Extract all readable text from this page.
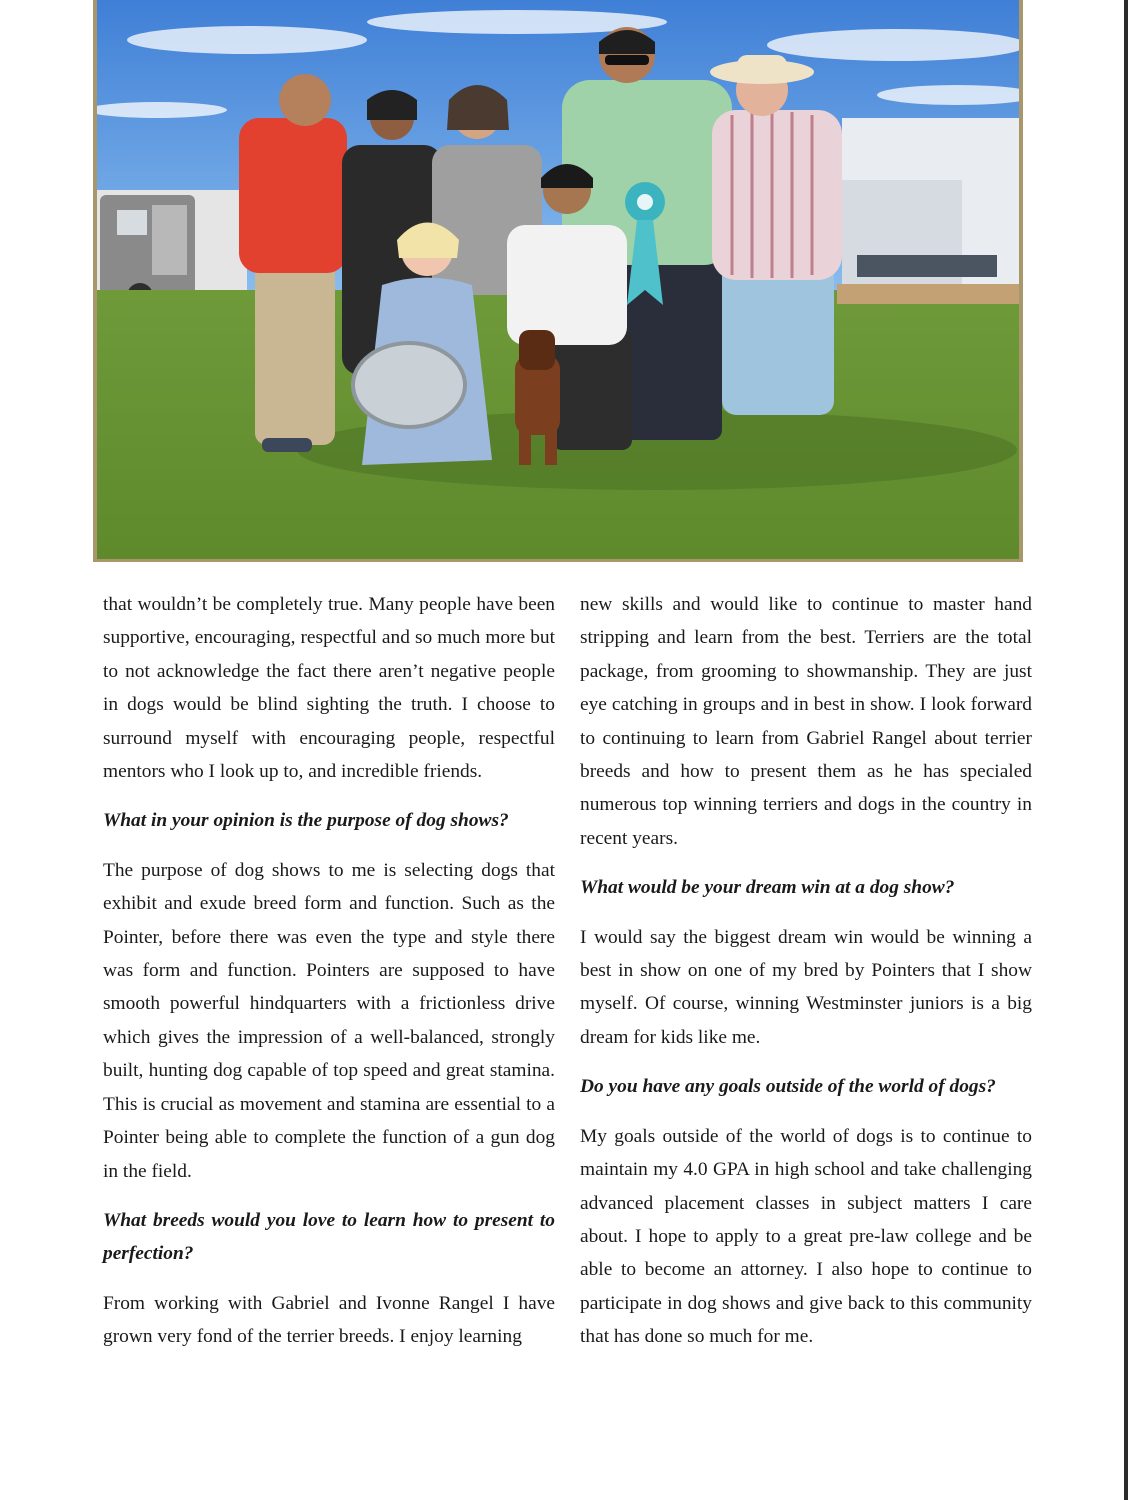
that wouldn’t be completely true. Many people have been supportive, encouraging, respectful and so much more but to not acknowledge the fact there aren’t negative people in dogs would be blind sighting the truth. I choose to surround myself with encouraging people, respectful mentors who I look up to, and incredible friends.

What in your opinion is the purpose of dog shows?

The purpose of dog shows to me is selecting dogs that exhibit and exude breed form and function. Such as the Pointer, before there was even the type and style there was form and function. Pointers are supposed to have smooth powerful hindquarters with a frictionless drive which gives the impression of a well-balanced, strongly built, hunting dog capable of top speed and great stamina. This is crucial as movement and stamina are essential to a Pointer being able to complete the function of a gun dog in the field.

What breeds would you love to learn how to present to perfection?

From working with Gabriel and Ivonne Rangel I have grown very fond of the terrier breeds. I enjoy learning

new skills and would like to continue to master hand stripping and learn from the best. Terriers are the total package, from grooming to showmanship. They are just eye catching in groups and in best in show. I look forward to continuing to learn from Gabriel Rangel about terrier breeds and how to present them as he has specialed numerous top winning terriers and dogs in the country in recent years.

What would be your dream win at a dog show?

I would say the biggest dream win would be winning a best in show on one of my bred by Pointers that I show myself. Of course, winning Westminster juniors is a big dream for kids like me.

Do you have any goals outside of the world of dogs?

My goals outside of the world of dogs is to continue to maintain my 4.0 GPA in high school and take challenging advanced placement classes in subject matters I care about. I hope to apply to a great pre-law college and be able to become an attorney. I also hope to continue to participate in dog shows and give back to this community that has done so much for me.
